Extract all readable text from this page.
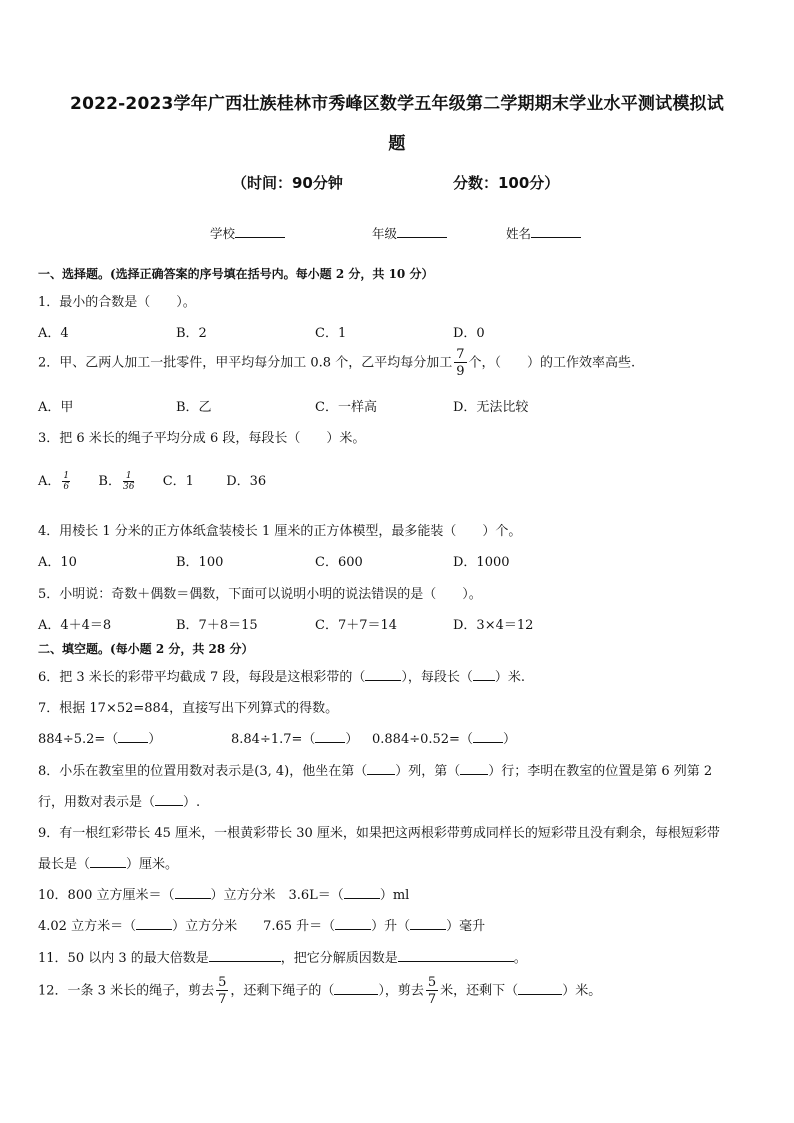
2022-2023学年广西壮族桂林市秀峰区数学五年级第二学期期末学业水平测试模拟试
题
（时间：90分钟	分数：100分）
学校	年级	姓名
一、选择题。(选择正确答案的序号填在括号内。每小题 2 分，共 10 分）
1．最小的合数是（　　）。
A．4	B．2	C．1	D．0
2．甲、乙两人加工一批零件，甲平均每分加工 0.8 个，乙平均每分加工 $\frac{7}{9}$ 个，（　　）的工作效率高些.
A．甲	B．乙	C．一样高	D．无法比较
3．把 6 米长的绳子平均分成 6 段，每段长（　　）米。
A． $\frac{1}{6}$ B． $\frac{1}{36}$ C．1 D．36
4．用棱长 1 分米的正方体纸盒装棱长 1 厘米的正方体模型，最多能装（　　）个。
A．10	B．100	C．600	D．1000
5．小明说：奇数＋偶数＝偶数，下面可以说明小明的说法错误的是（　　）。
A．4＋4＝8	B．7＋8＝15	C．7＋7＝14	D．3×4＝12
二、填空题。(每小题 2 分，共 28 分）
6．把 3 米长的彩带平均截成 7 段，每段是这根彩带的（	），每段长（ ）米.
7．根据 17×52=884，直接写出下列算式的得数。
884÷5.2=（ ）	8.84÷1.7=（ ） 0.884÷0.52=（ ）
8．小乐在教室里的位置用数对表示是(3, 4)，他坐在第（ ）列，第（ ）行；李明在教室的位置是第 6 列第 2
行，用数对表示是（ ）.
9．有一根红彩带长 45 厘米，一根黄彩带长 30 厘米，如果把这两根彩带剪成同样长的短彩带且没有剩余，每根短彩带
最长是（	）厘米。
10．800 立方厘米＝（	）立方分米　3.6L＝（	）ml
4.02 立方米＝（	）立方分米　　7.65 升＝（	）升（	）毫升
11．50 以内 3 的最大倍数是	，把它分解质因数是	。
12．一条 3 米长的绳子，剪去 $\frac{5}{7}$ ，还剩下绳子的（	），剪去 $\frac{5}{7}$ 米，还剩下（	）米。
